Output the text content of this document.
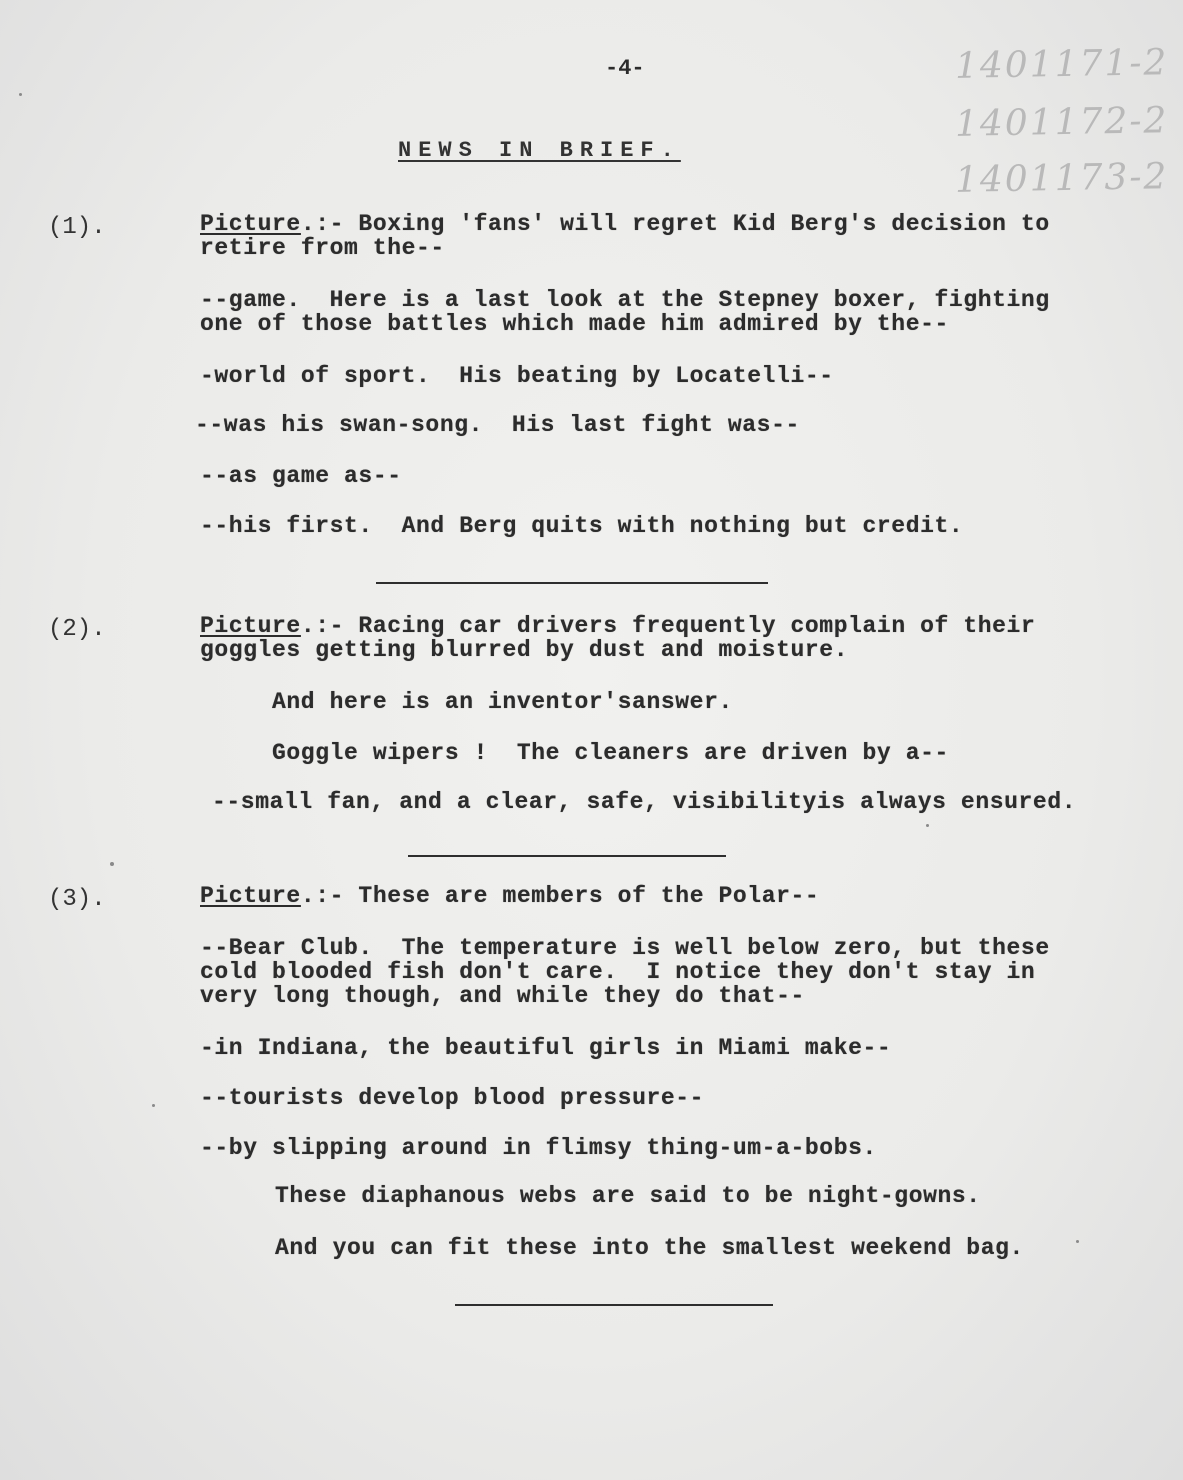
1401171-2
1401172-2
1401173-2
-4-
NEWS IN BRIEF.
(1).	Picture.:- Boxing 'fans' will regret Kid Berg's decision to
retire from the--
--game.  Here is a last look at the Stepney boxer, fighting
one of those battles which made him admired by the--
-world of sport.  His beating by Locatelli--
--was his swan-song.  His last fight was--
--as game as--
--his first.  And Berg quits with nothing but credit.
(2).	Picture.:- Racing car drivers frequently complain of their
goggles getting blurred by dust and moisture.
And here is an inventor'sanswer.
Goggle wipers !  The cleaners are driven by a--
--small fan, and a clear, safe, visibilityis always ensured.
(3).	Picture.:- These are members of the Polar--
--Bear Club.  The temperature is well below zero, but these
cold blooded fish don't care.  I notice they don't stay in
very long though, and while they do that--
-in Indiana, the beautiful girls in Miami make--
--tourists develop blood pressure--
--by slipping around in flimsy thing-um-a-bobs.
These diaphanous webs are said to be night-gowns.
And you can fit these into the smallest weekend bag.
